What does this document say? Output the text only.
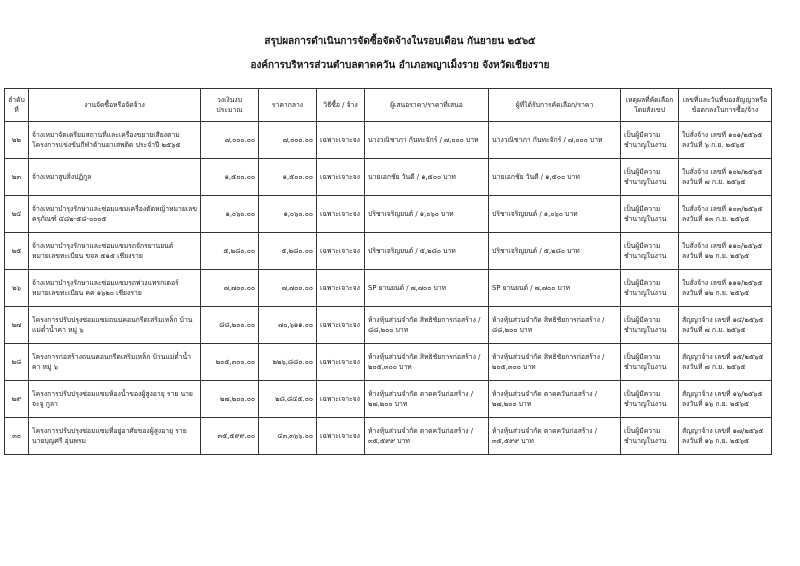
สรุปผลการดำเนินการจัดซื้อจัดจ้างในรอบเดือน กันยายน ๒๕๖๕
องค์การบริหารส่วนตำบลตาดควัน อำเภอพญาเม็งราย จังหวัดเชียงราย
ลำดับที่	งานจัดซื้อหรือจัดจ้าง	วงเงินงบประมาณ	ราคากลาง	วิธีซื้อ / จ้าง	ผู้เสนอราคา/ราคาที่เสนอ	ผู้ที่ได้รับการคัดเลือก/ราคา	เหตุผลที่คัดเลือกโดยสังเขป	เลขที่และวันที่ของสัญญาหรือข้อตกลงในการซื้อ/จ้าง
๒๒	จ้างเหมาจัดเตรียมสถานที่และเครื่องขยายเสียงตามโครงการแข่งขันกีฬาต้านยาเสพติด ประจำปี ๒๕๖๕	๗,๐๐๐.๐๐	๗,๐๐๐.๐๐	เฉพาะเจาะจง	นางวณิชาภา กันทะจักร์ / ๗,๐๐๐ บาท	นางวณิชาภา กันทะจักร์ / ๗,๐๐๐ บาท	เป็นผู้มีความชำนาญในงาน	ใบสั่งจ้าง เลขที่ ๑๐๑/๒๕๖๕ ลงวันที่ ๖ ก.ย. ๒๕๖๕
๒๓	จ้างเหมาสูบสิ่งปฏิกูล	๑,๕๐๐.๐๐	๑,๕๐๐.๐๐	เฉพาะเจาะจง	นายเอกชัย วันดี / ๑,๕๐๐ บาท	นายเอกชัย วันดี / ๑,๕๐๐ บาท	เป็นผู้มีความชำนาญในงาน	ใบสั่งจ้าง เลขที่ ๑๐๒/๒๕๖๕ ลงวันที่ ๗ ก.ย. ๒๕๖๕
๒๔	จ้างเหมาบำรุงรักษาและซ่อมแซมเครื่องตัดหญ้าหมายเลขครุภัณฑ์ ๔๘๒-๕๘-๐๐๐๕	๑,๐๖๐.๐๐	๑,๐๖๐.๐๐	เฉพาะเจาะจง	ปริชาเจริญยนต์ / ๑,๐๖๐ บาท	ปริชาเจริญยนต์ / ๑,๐๖๐ บาท	เป็นผู้มีความชำนาญในงาน	ใบสั่งจ้าง เลขที่ ๑๐๓/๒๕๖๕ ลงวันที่ ๑๓ ก.ย. ๒๕๖๕
๒๕	จ้างเหมาบำรุงรักษาและซ่อมแซมรถจักรยานยนต์ หมายเลขทะเบียน ขจล ๕๑๕ เชียงราย	๕,๒๘๐.๐๐	๕,๒๘๐.๐๐	เฉพาะเจาะจง	ปริชาเจริญยนต์ / ๕,๒๘๐ บาท	ปริชาเจริญยนต์ / ๕,๒๘๐ บาท	เป็นผู้มีความชำนาญในงาน	ใบสั่งจ้าง เลขที่ ๑๑๐/๒๕๖๕ ลงวันที่ ๑๒ ก.ย. ๒๕๖๕
๒๖	จ้างเหมาบำรุงรักษาและซ่อมแซมรถพ่วงแทรกเตอร์ หมายเลขทะเบียน คค ๑๖๒๐ เชียงราย	๗,๗๐๐.๐๐	๗,๗๐๐.๐๐	เฉพาะเจาะจง	SP ยานยนต์ / ๗,๗๐๐ บาท	SP ยานยนต์ / ๗,๗๐๐ บาท	เป็นผู้มีความชำนาญในงาน	ใบสั่งจ้าง เลขที่ ๑๑๑/๒๕๖๕ ลงวันที่ ๑๒ ก.ย. ๒๕๖๕
๒๗	โครงการปรับปรุงซ่อมแซมถนนคอนกรีตเสริมเหล็ก บ้านแม่ต๋ำน้ำคา หมู่ ๖	๘๘,๒๐๐.๐๐	๗๐,๖๑๑.๐๐	เฉพาะเจาะจง	ห้างหุ้นส่วนจำกัด สิทธิชัยการก่อสร้าง / ๘๘,๒๐๐ บาท	ห้างหุ้นส่วนจำกัด สิทธิชัยการก่อสร้าง / ๘๘,๒๐๐ บาท	เป็นผู้มีความชำนาญในงาน	สัญญาจ้าง เลขที่ ๑๔/๒๕๖๕ ลงวันที่ ๗ ก.ย. ๒๕๖๕
๒๘	โครงการก่อสร้างถนนคอนกรีตเสริมเหล็ก บ้านแม่ต๋ำน้ำคา หมู่ ๖	๒๐๕,๓๐๐.๐๐	๒๒๖,๘๘๐.๐๐	เฉพาะเจาะจง	ห้างหุ้นส่วนจำกัด สิทธิชัยการก่อสร้าง / ๒๐๕,๓๐๐ บาท	ห้างหุ้นส่วนจำกัด สิทธิชัยการก่อสร้าง / ๒๐๕,๓๐๐ บาท	เป็นผู้มีความชำนาญในงาน	สัญญาจ้าง เลขที่ ๑๕/๒๕๖๕ ลงวันที่ ๗ ก.ย. ๒๕๖๕
๒๙	โครงการปรับปรุงซ่อมแซมห้องน้ำของผู้สูงอายุ ราย นายจะจู กูลา	๒๗,๒๐๐.๐๐	๒๘,๘๔๕.๐๐	เฉพาะเจาะจง	ห้างหุ้นส่วนจำกัด ตาดควันก่อสร้าง / ๒๗,๒๐๐ บาท	ห้างหุ้นส่วนจำกัด ตาดควันก่อสร้าง / ๒๗,๒๐๐ บาท	เป็นผู้มีความชำนาญในงาน	สัญญาจ้าง เลขที่ ๑๖/๒๕๖๕ ลงวันที่ ๑๖ ก.ย. ๒๕๖๕
๓๐	โครงการปรับปรุงซ่อมแซมที่อยู่อาศัยของผู้สูงอายุ ราย นายบุญศรี อุ่นพรม	๓๕,๕๙๙.๐๐	๔๓,๓๖๖.๐๐	เฉพาะเจาะจง	ห้างหุ้นส่วนจำกัด ตาดควันก่อสร้าง / ๓๕,๕๙๙ บาท	ห้างหุ้นส่วนจำกัด ตาดควันก่อสร้าง / ๓๕,๕๙๙ บาท	เป็นผู้มีความชำนาญในงาน	สัญญาจ้าง เลขที่ ๑๗/๒๕๖๕ ลงวันที่ ๑๖ ก.ย. ๒๕๖๕
